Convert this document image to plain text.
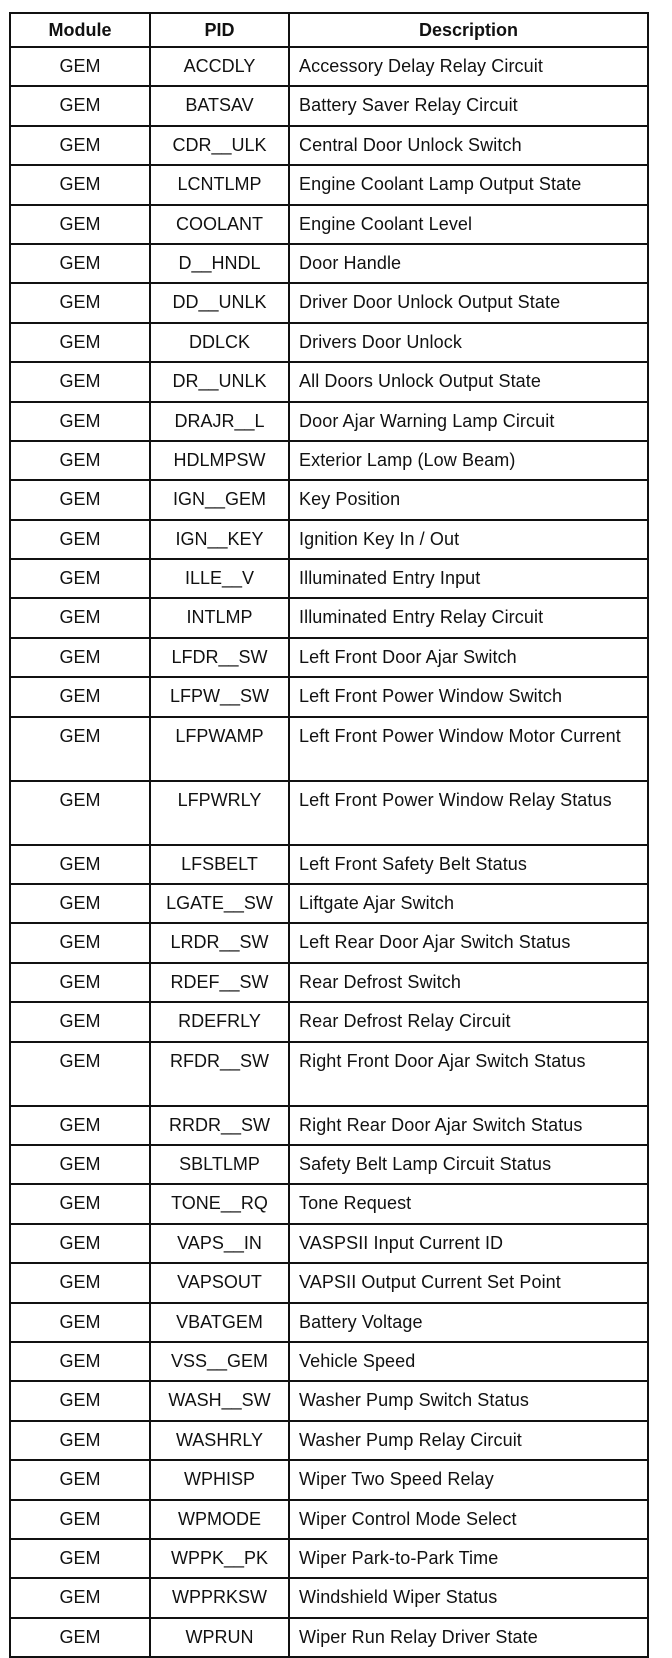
Module	PID	Description
GEM	ACCDLY	Accessory Delay Relay Circuit
GEM	BATSAV	Battery Saver Relay Circuit
GEM	CDR__ULK	Central Door Unlock Switch
GEM	LCNTLMP	Engine Coolant Lamp Output State
GEM	COOLANT	Engine Coolant Level
GEM	D__HNDL	Door Handle
GEM	DD__UNLK	Driver Door Unlock Output State
GEM	DDLCK	Drivers Door Unlock
GEM	DR__UNLK	All Doors Unlock Output State
GEM	DRAJR__L	Door Ajar Warning Lamp Circuit
GEM	HDLMPSW	Exterior Lamp (Low Beam)
GEM	IGN__GEM	Key Position
GEM	IGN__KEY	Ignition Key In / Out
GEM	ILLE__V	Illuminated Entry Input
GEM	INTLMP	Illuminated Entry Relay Circuit
GEM	LFDR__SW	Left Front Door Ajar Switch
GEM	LFPW__SW	Left Front Power Window Switch
GEM	LFPWAMP	Left Front Power Window Motor Current
GEM	LFPWRLY	Left Front Power Window Relay Status
GEM	LFSBELT	Left Front Safety Belt Status
GEM	LGATE__SW	Liftgate Ajar Switch
GEM	LRDR__SW	Left Rear Door Ajar Switch Status
GEM	RDEF__SW	Rear Defrost Switch
GEM	RDEFRLY	Rear Defrost Relay Circuit
GEM	RFDR__SW	Right Front Door Ajar Switch Status
GEM	RRDR__SW	Right Rear Door Ajar Switch Status
GEM	SBLTLMP	Safety Belt Lamp Circuit Status
GEM	TONE__RQ	Tone Request
GEM	VAPS__IN	VASPSII Input Current ID
GEM	VAPSOUT	VAPSII Output Current Set Point
GEM	VBATGEM	Battery Voltage
GEM	VSS__GEM	Vehicle Speed
GEM	WASH__SW	Washer Pump Switch Status
GEM	WASHRLY	Washer Pump Relay Circuit
GEM	WPHISP	Wiper Two Speed Relay
GEM	WPMODE	Wiper Control Mode Select
GEM	WPPK__PK	Wiper Park-to-Park Time
GEM	WPPRKSW	Windshield Wiper Status
GEM	WPRUN	Wiper Run Relay Driver State
